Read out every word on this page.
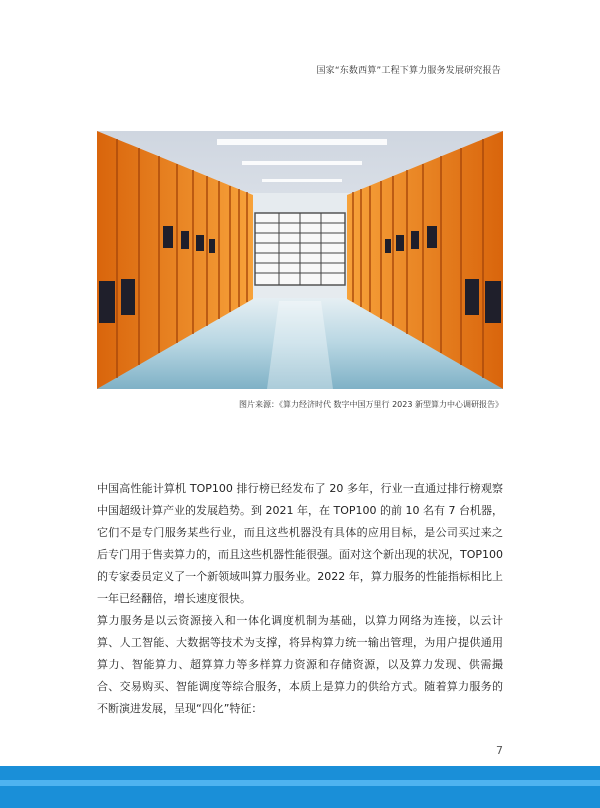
国家“东数西算”工程下算力服务发展研究报告
图片来源：《算力经济时代 数字中国万里行 2023 新型算力中心调研报告》

中国高性能计算机 TOP100 排行榜已经发布了 20 多年，行业一直通过排行榜观察中国超级计算产业的发展趋势。到 2021 年，在 TOP100 的前 10 名有 7 台机器，它们不是专门服务某些行业，而且这些机器没有具体的应用目标，是公司买过来之后专门用于售卖算力的，而且这些机器性能很强。面对这个新出现的状况，TOP100 的专家委员定义了一个新领域叫算力服务业。2022 年，算力服务的性能指标相比上一年已经翻倍，增长速度很快。

算力服务是以云资源接入和一体化调度机制为基础，以算力网络为连接，以云计算、人工智能、大数据等技术为支撑，将异构算力统一输出管理，为用户提供通用算力、智能算力、超算算力等多样算力资源和存储资源，以及算力发现、供需撮合、交易购买、智能调度等综合服务，本质上是算力的供给方式。随着算力服务的不断演进发展，呈现“四化”特征：

7
